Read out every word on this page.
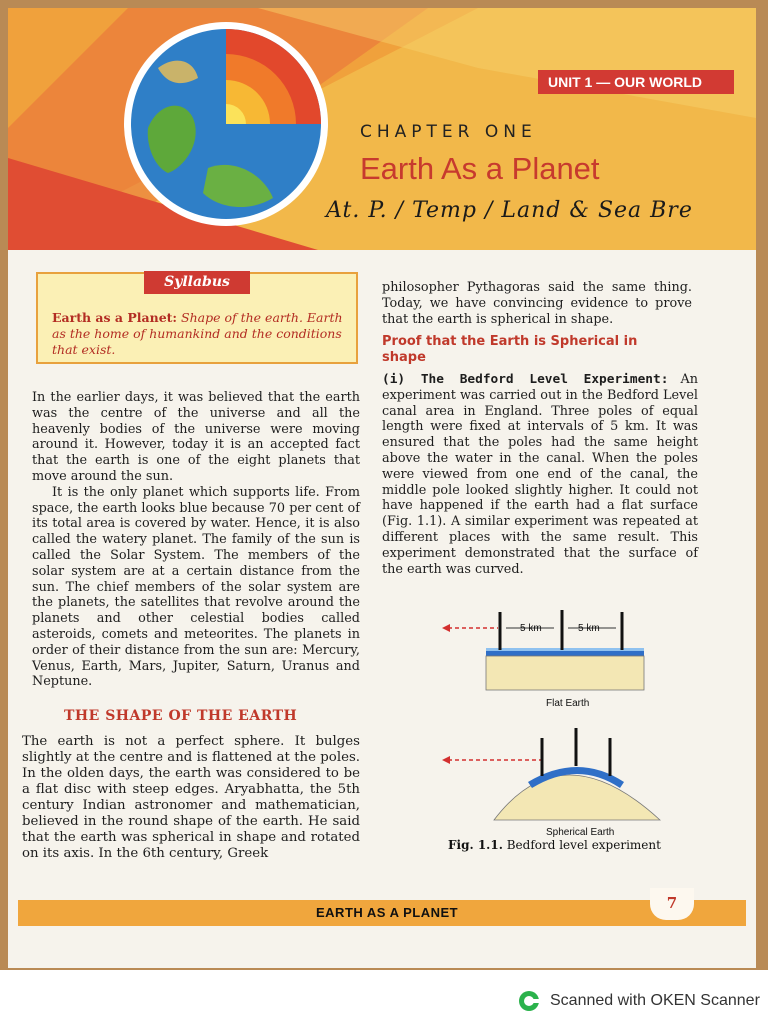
UNIT 1 — OUR WORLD
CHAPTER ONE
Earth As a Planet
At. P. / Temp / Land & Sea Bre
Syllabus
Earth as a Planet: Shape of the earth. Earth as the home of humankind and the conditions that exist.

In the earlier days, it was believed that the earth was the centre of the universe and all the heavenly bodies of the universe were moving around it. However, today it is an accepted fact that the earth is one of the eight planets that move around the sun.

It is the only planet which supports life. From space, the earth looks blue because 70 per cent of its total area is covered by water. Hence, it is also called the watery planet. The family of the sun is called the Solar System. The members of the solar system are at a certain distance from the sun. The chief members of the solar system are the planets, the satellites that revolve around the planets and other celestial bodies called asteroids, comets and meteorites. The planets in order of their distance from the sun are: Mercury, Venus, Earth, Mars, Jupiter, Saturn, Uranus and Neptune.

THE SHAPE OF THE EARTH

The earth is not a perfect sphere. It bulges slightly at the centre and is flattened at the poles. In the olden days, the earth was considered to be a flat disc with steep edges. Aryabhatta, the 5th century Indian astronomer and mathematician, believed in the round shape of the earth. He said that the earth was spherical in shape and rotated on its axis. In the 6th century, Greek

philosopher Pythagoras said the same thing. Today, we have convincing evidence to prove that the earth is spherical in shape.

Proof that the Earth is Spherical in shape

(i) The Bedford Level Experiment: An experiment was carried out in the Bedford Level canal area in England. Three poles of equal length were fixed at intervals of 5 km. It was ensured that the poles had the same height above the water in the canal. When the poles were viewed from one end of the canal, the middle pole looked slightly higher. It could not have happened if the earth had a flat surface (Fig. 1.1). A similar experiment was repeated at different places with the same result. This experiment demonstrated that the surface of the earth was curved.

5 km	5 km
Flat Earth
Spherical Earth
Fig. 1.1. Bedford level experiment
EARTH AS A PLANET
7
Scanned with OKEN Scanner
